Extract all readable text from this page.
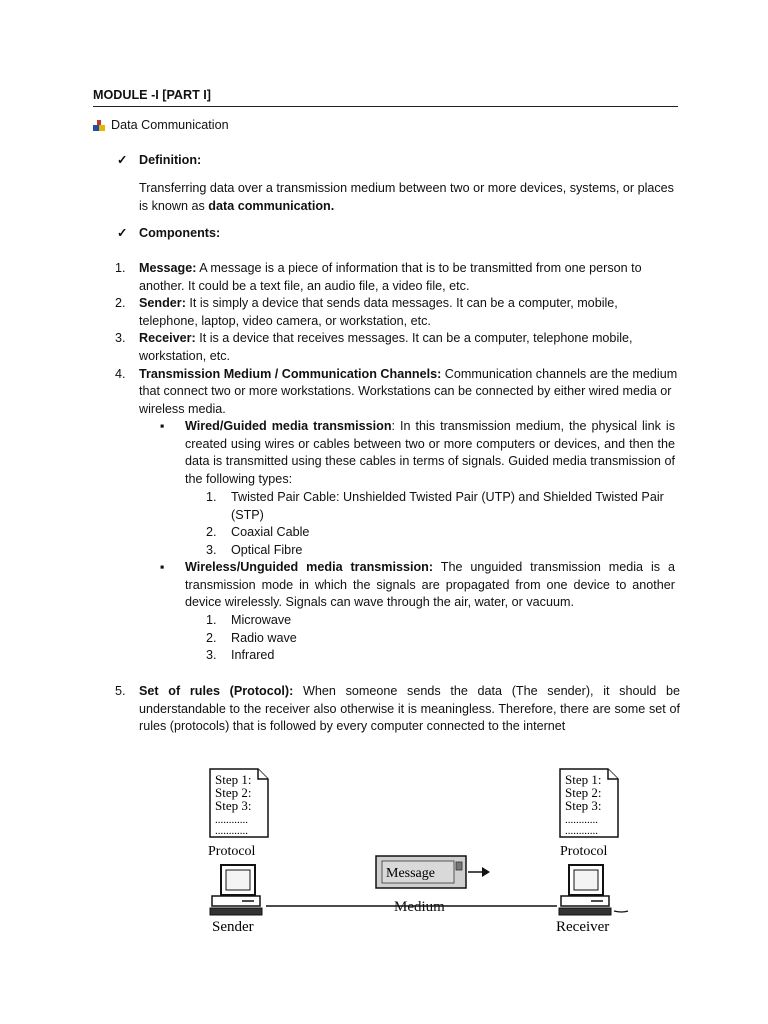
MODULE -I [PART I]
Data Communication
✓ Definition:
Transferring data over a transmission medium between two or more devices, systems, or places is known as data communication.
✓ Components:
1.	Message: A message is a piece of information that is to be transmitted from one person to another. It could be a text file, an audio file, a video file, etc.
2.	Sender: It is simply a device that sends data messages. It can be a computer, mobile, telephone, laptop, video camera, or workstation, etc.
3.	Receiver: It is a device that receives messages. It can be a computer, telephone mobile, workstation, etc.
4.	Transmission Medium / Communication Channels: Communication channels are the medium that connect two or more workstations. Workstations can be connected by either wired media or wireless media.
▪	Wired/Guided media transmission: In this transmission medium, the physical link is created using wires or cables between two or more computers or devices, and then the data is transmitted using these cables in terms of signals. Guided media transmission of the following types:
1.	Twisted Pair Cable: Unshielded Twisted Pair (UTP) and Shielded Twisted Pair (STP)
2.	Coaxial Cable
3.	Optical Fibre
▪	Wireless/Unguided media transmission: The unguided transmission media is a transmission mode in which the signals are propagated from one device to another device wirelessly. Signals can wave through the air, water, or vacuum.
1.	Microwave
2.	Radio wave
3.	Infrared
5.	Set of rules (Protocol): When someone sends the data (The sender), it should be understandable to the receiver also otherwise it is meaningless. Therefore, there are some set of rules (protocols) that is followed by every computer connected to the internet
Step 1:
Step 2:
Step 3:
............
............
Protocol
Step 1:
Step 2:
Step 3:
............
............
Protocol
Sender	Receiver
Medium
Message
